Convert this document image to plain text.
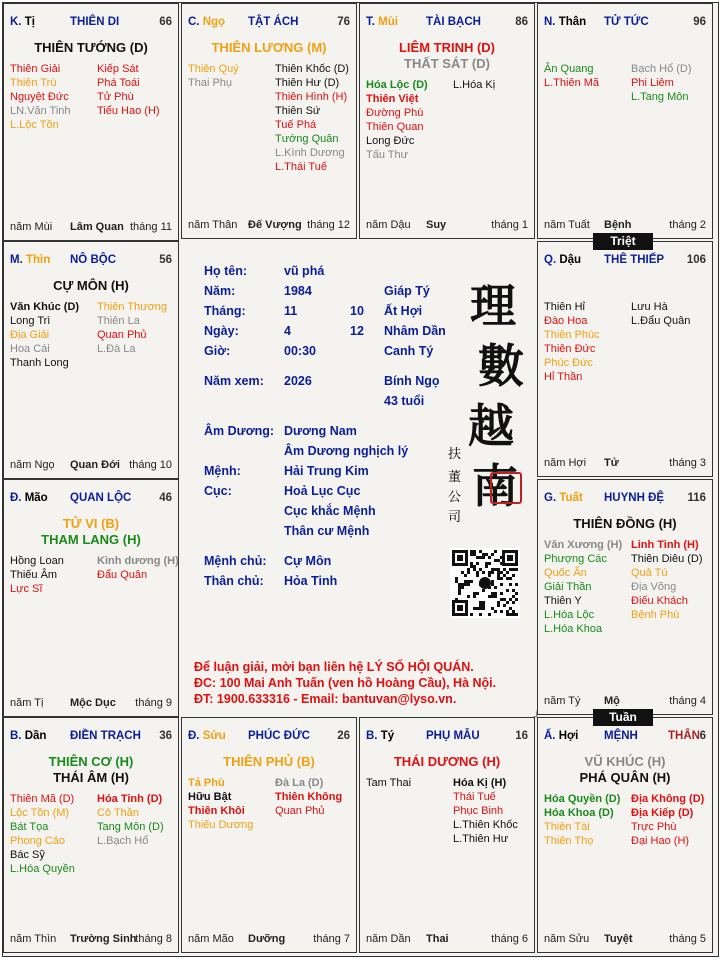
K. Tị	THIÊN DI	66
THIÊN TƯỚNG (D)
Thiên Giải
Thiên Trù
Nguyệt Đức
LN.Văn Tinh
L.Lộc Tồn
Kiếp Sát
Phá Toái
Tử Phù
Tiểu Hao (H)
năm Mùi Lâm Quan tháng 11
C. Ngọ TẬT ÁCH	76
THIÊN LƯƠNG (M)
Thiên Quý
Thai Phụ
Thiên Khốc (D)
Thiên Hư (D)
Thiên Hình (H)
Thiên Sứ
Tuế Phá
Tướng Quân
L.Kình Dương
L.Thái Tuế
năm Thân Đế Vượng tháng 12
T. Mùi TÀI BẠCH	86
LIÊM TRINH (D)
THẤT SÁT (D)
Hóa Lộc (D)
Thiên Việt
Đường Phù
Thiên Quan
Long Đức
Tấu Thư
L.Hóa Kị
năm Dậu Suy	tháng 1
N. Thân TỬ TỨC	96
Ân Quang
L.Thiên Mã
Bạch Hổ (D)
Phi Liêm
L.Tang Môn
năm Tuất Bệnh	tháng 2
M. Thìn NÔ BỘC	56
CỰ MÔN (H)
Văn Khúc (D)
Long Trì
Địa Giải
Hoa Cái
Thanh Long
Thiên Thương
Thiên La
Quan Phủ
L.Đà La
năm Ngọ Quan Đới tháng 10
Q. Dậu THÊ THIẾP 106
Thiên Hỉ
Đào Hoa
Thiên Phúc
Thiên Đức
Phúc Đức
Hỉ Thần
Lưu Hà
L.Đẩu Quân
năm Hợi Tử	tháng 3
Đ. Mão QUAN LỘC 46
TỬ VI (B)
THAM LANG (H)
Hồng Loan
Thiếu Âm
Lực Sĩ
Kình dương (H)
Đẩu Quân
năm Tị Mộc Dục tháng 9
G. Tuất HUYNH ĐỆ 116
THIÊN ĐỒNG (H)
Văn Xương (H)
Phượng Các
Quốc Ấn
Giải Thần
Thiên Y
L.Hóa Lộc
L.Hóa Khoa
Linh Tinh (H)
Thiên Diêu (D)
Quả Tú
Địa Võng
Điếu Khách
Bệnh Phù
năm Tý Mộ	tháng 4
B. Dần ĐIỀN TRẠCH 36
THIÊN CƠ (H)
THÁI ÂM (H)
Thiên Mã (D)
Lộc Tồn (M)
Bát Tọa
Phong Cáo
Bác Sỹ
L.Hóa Quyền
Hóa Tinh (D)
Cô Thần
Tang Môn (D)
L.Bạch Hổ
năm Thìn Trường Sinh
tháng 8
Đ. Sửu PHÚC ĐỨC 26
THIÊN PHỦ (B)
Tả Phù
Hữu Bật
Thiên Khôi
Thiếu Dương
Đà La (D)
Thiên Không
Quan Phủ
năm Mão Dưỡng	tháng 7
B. Tý	PHỤ MẪU	16
THÁI DƯƠNG (H)
Tam Thai	Hóa Kị (H)
Thái Tuế
Phục Binh
L.Thiên Khốc
L.Thiên Hư
năm Dần Thai	tháng 6
Ấ. Hợi MỆNH	THÂN 6
VŨ KHÚC (H)
PHÁ QUÂN (H)
Hóa Quyền (D)
Hóa Khoa (D)
Thiên Tài
Thiên Thọ
Địa Không (D)
Địa Kiếp (D)
Trực Phù
Đại Hao (H)
năm Sửu Tuyệt	tháng 5
Họ tên:	vũ phá
Năm:	1984	Giáp Tý
Tháng:	11	10 Ất Hợi
Ngày:	4	12 Nhâm Dần
Giờ:	00:30	Canh Tý
Năm xem: 2026	Bính Ngọ
43 tuổi
Âm Dương: Dương Nam
Âm Dương nghịch lý
Mệnh:	Hải Trung Kim
Cục:	Hoả Lục Cục
Cục khắc Mệnh
Thân cư Mệnh
Mệnh chủ: Cự Môn
Thân chủ: Hỏa Tinh
理
數
越
南
扶
董
公
司
Để luận giải, mời bạn liên hệ LÝ SỐ HỘI QUÁN.
ĐC: 100 Mai Anh Tuấn (ven hồ Hoàng Cầu), Hà Nội.
ĐT: 1900.633316 - Email: bantuvan@lyso.vn.
Triệt
Tuần
